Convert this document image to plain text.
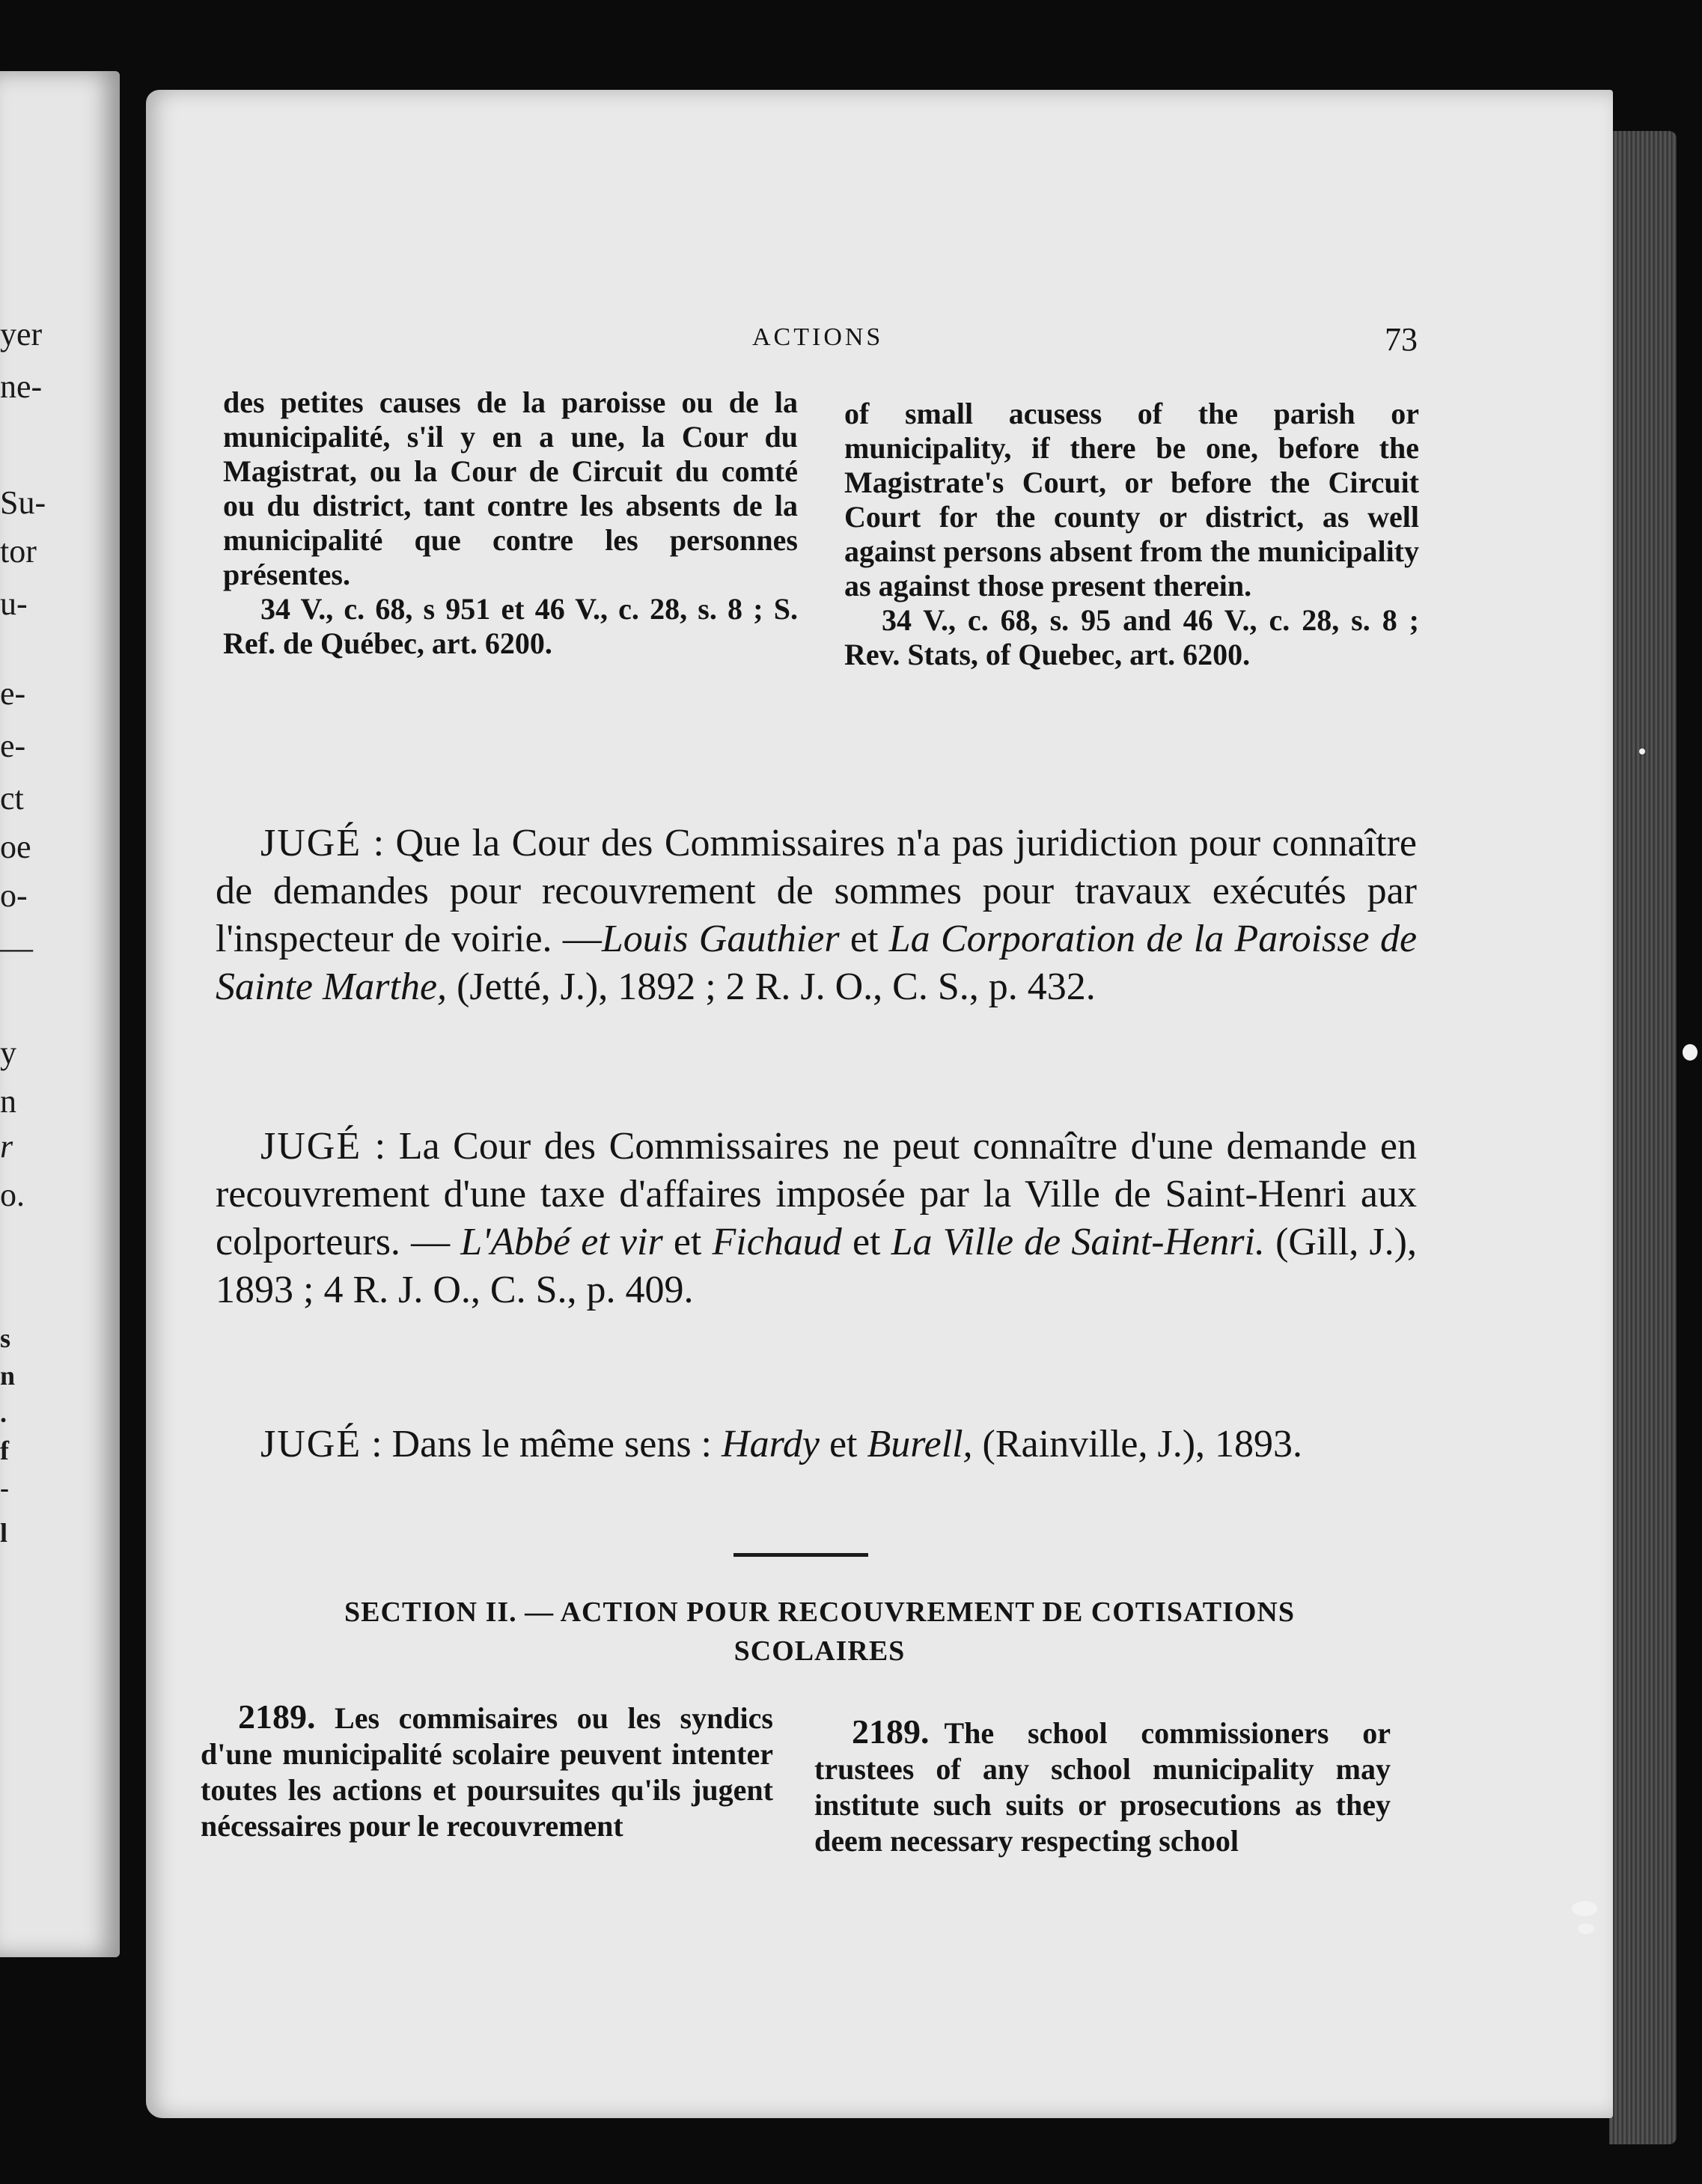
yer
ne-
Su-
tor
u-
e-
e-
ct
oe
o-
—
y
n
r
o.
s
n
.
f
-
l
ACTIONS	73

des petites causes de la paroisse ou de la municipalité, s'il y en a une, la Cour du Magistrat, ou la Cour de Circuit du comté ou du district, tant contre les absents de la municipalité que contre les personnes présentes.

34 V., c. 68, s 951 et 46 V., c. 28, s. 8 ; S. Ref. de Québec, art. 6200.

of small acusess of the parish or municipality, if there be one, before the Magistrate's Court, or before the Circuit Court for the county or district, as well against persons absent from the municipality as against those present therein.

34 V., c. 68, s. 95 and 46 V., c. 28, s. 8 ; Rev. Stats, of Quebec, art. 6200.

JUGÉ : Que la Cour des Commissaires n'a pas juridiction pour connaître de demandes pour recouvrement de sommes pour travaux exécutés par l'inspecteur de voirie. —Louis Gauthier et La Corporation de la Paroisse de Sainte Marthe, (Jetté, J.), 1892 ; 2 R. J. O., C. S., p. 432.

JUGÉ : La Cour des Commissaires ne peut connaître d'une demande en recouvrement d'une taxe d'affaires imposée par la Ville de Saint-Henri aux colporteurs. — L'Abbé et vir et Fichaud et La Ville de Saint-Henri. (Gill, J.), 1893 ; 4 R. J. O., C. S., p. 409.

JUGÉ : Dans le même sens : Hardy et Burell, (Rainville, J.), 1893.

SECTION II. — ACTION POUR RECOUVREMENT DE COTISATIONS
SCOLAIRES

2189. Les commisaires ou les syndics d'une municipalité scolaire peuvent intenter toutes les actions et poursuites qu'ils jugent nécessaires pour le recouvrement

2189. The school commissioners or trustees of any school municipality may institute such suits or prosecutions as they deem necessary respecting school
